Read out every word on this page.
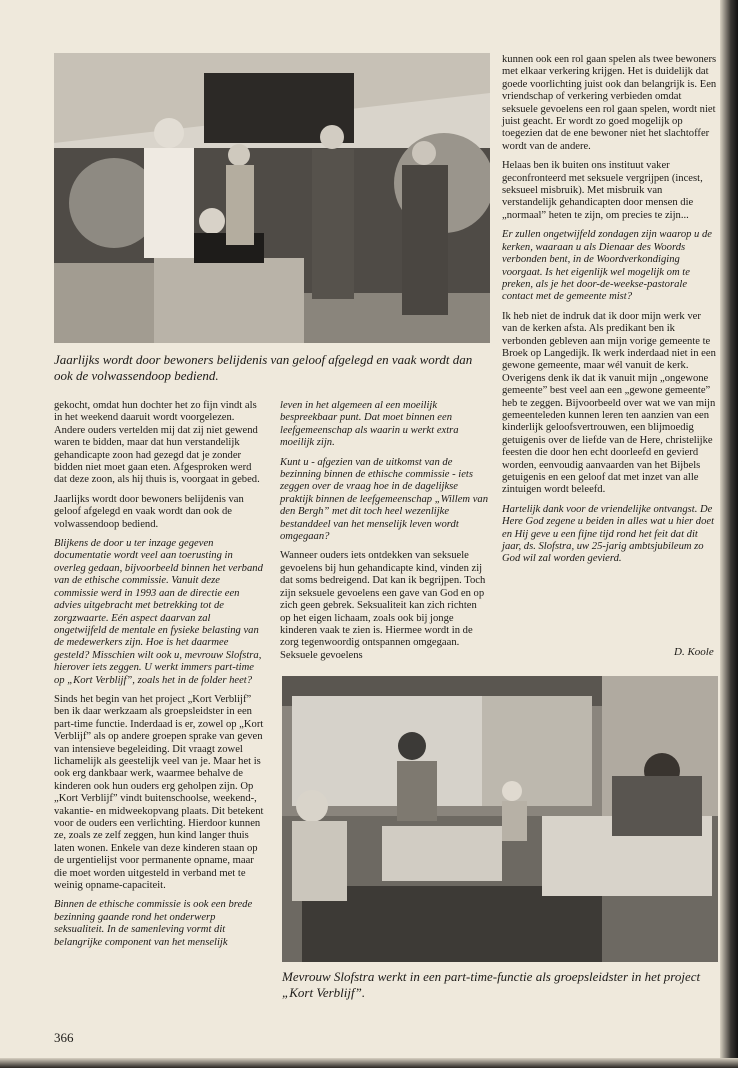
Jaarlijks wordt door bewoners belijdenis van geloof afgelegd en vaak wordt dan ook de volwassendoop bediend.

kunnen ook een rol gaan spelen als twee bewoners met elkaar verkering krijgen. Het is duidelijk dat goede voorlichting juist ook dan belangrijk is. Een vriendschap of verkering verbieden omdat seksuele gevoelens een rol gaan spelen, wordt niet juist geacht. Er wordt zo goed mogelijk op toegezien dat de ene bewoner niet het slachtoffer wordt van de andere.

Helaas ben ik buiten ons instituut vaker geconfronteerd met seksuele vergrijpen (incest, seksueel misbruik). Met misbruik van verstandelijk gehandicapten door mensen die „normaal” heten te zijn, om precies te zijn...

Er zullen ongetwijfeld zondagen zijn waarop u de kerken, waaraan u als Dienaar des Woords verbonden bent, in de Woordverkondiging voorgaat. Is het eigenlijk wel mogelijk om te preken, als je het door-de-weekse-pastorale contact met de gemeente mist?

Ik heb niet de indruk dat ik door mijn werk ver van de kerken afsta. Als predikant ben ik verbonden gebleven aan mijn vorige gemeente te Broek op Langedijk. Ik werk inderdaad niet in een gewone gemeente, maar wél vanuit de kerk. Overigens denk ik dat ik vanuit mijn „ongewone gemeente” best veel aan een „gewone gemeente” heb te zeggen. Bijvoorbeeld over wat we van mijn gemeenteleden kunnen leren ten aanzien van een kinderlijk geloofsvertrouwen, een blijmoedig getuigenis over de liefde van de Here, christelijke feesten die door hen echt doorleefd en gevierd worden, eenvoudig aanvaarden van het Bijbels getuigenis en een geloof dat met inzet van alle zintuigen wordt beleefd.

Hartelijk dank voor de vriendelijke ontvangst. De Here God zegene u beiden in alles wat u hier doet en Hij geve u een fijne tijd rond het feit dat dit jaar, ds. Slofstra, uw 25-jarig ambtsjubileum zo God wil zal worden gevierd.

D. Koole

gekocht, omdat hun dochter het zo fijn vindt als in het weekend daaruit wordt voorgelezen. Andere ouders vertelden mij dat zij niet gewend waren te bidden, maar dat hun verstandelijk gehandicapte zoon had gezegd dat je zonder bidden niet moet gaan eten. Afgesproken werd dat deze zoon, als hij thuis is, voorgaat in gebed.

Jaarlijks wordt door bewoners belijdenis van geloof afgelegd en vaak wordt dan ook de volwassendoop bediend.

Blijkens de door u ter inzage gegeven documentatie wordt veel aan toerusting in overleg gedaan, bijvoorbeeld binnen het verband van de ethische commissie. Vanuit deze commissie werd in 1993 aan de directie een advies uitgebracht met betrekking tot de zorgzwaarte. Eén aspect daarvan zal ongetwijfeld de mentale en fysieke belasting van de medewerkers zijn. Hoe is het daarmee gesteld? Misschien wilt ook u, mevrouw Slofstra, hierover iets zeggen. U werkt immers part-time op „Kort Verblijf”, zoals het in de folder heet?

Sinds het begin van het project „Kort Verblijf” ben ik daar werkzaam als groepsleidster in een part-time functie. Inderdaad is er, zowel op „Kort Verblijf” als op andere groepen sprake van geven van intensieve begeleiding. Dit vraagt zowel lichamelijk als geestelijk veel van je. Maar het is ook erg dankbaar werk, waarmee behalve de kinderen ook hun ouders erg geholpen zijn. Op „Kort Verblijf” vindt buitenschoolse, weekend-, vakantie- en midweekopvang plaats. Dit betekent voor de ouders een verlichting. Hierdoor kunnen ze, zoals ze zelf zeggen, hun kind langer thuis laten wonen. Enkele van deze kinderen staan op de urgentielijst voor permanente opname, maar die moet worden uitgesteld in verband met te weinig opname-capaciteit.

Binnen de ethische commissie is ook een brede bezinning gaande rond het onderwerp seksualiteit. In de samenleving vormt dit belangrijke component van het menselijk

leven in het algemeen al een moeilijk bespreekbaar punt. Dat moet binnen een leefgemeenschap als waarin u werkt extra moeilijk zijn.

Kunt u - afgezien van de uitkomst van de bezinning binnen de ethische commissie - iets zeggen over de vraag hoe in de dagelijkse praktijk binnen de leefgemeenschap „Willem van den Bergh” met dit toch heel wezenlijke bestanddeel van het menselijk leven wordt omgegaan?

Wanneer ouders iets ontdekken van seksuele gevoelens bij hun gehandicapte kind, vinden zij dat soms bedreigend. Dat kan ik begrijpen. Toch zijn seksuele gevoelens een gave van God en op zich geen gebrek. Seksualiteit kan zich richten op het eigen lichaam, zoals ook bij jonge kinderen vaak te zien is. Hiermee wordt in de zorg tegenwoordig ontspannen omgegaan. Seksuele gevoelens

Mevrouw Slofstra werkt in een part-time-functie als groepsleidster in het project „Kort Verblijf”.
366
